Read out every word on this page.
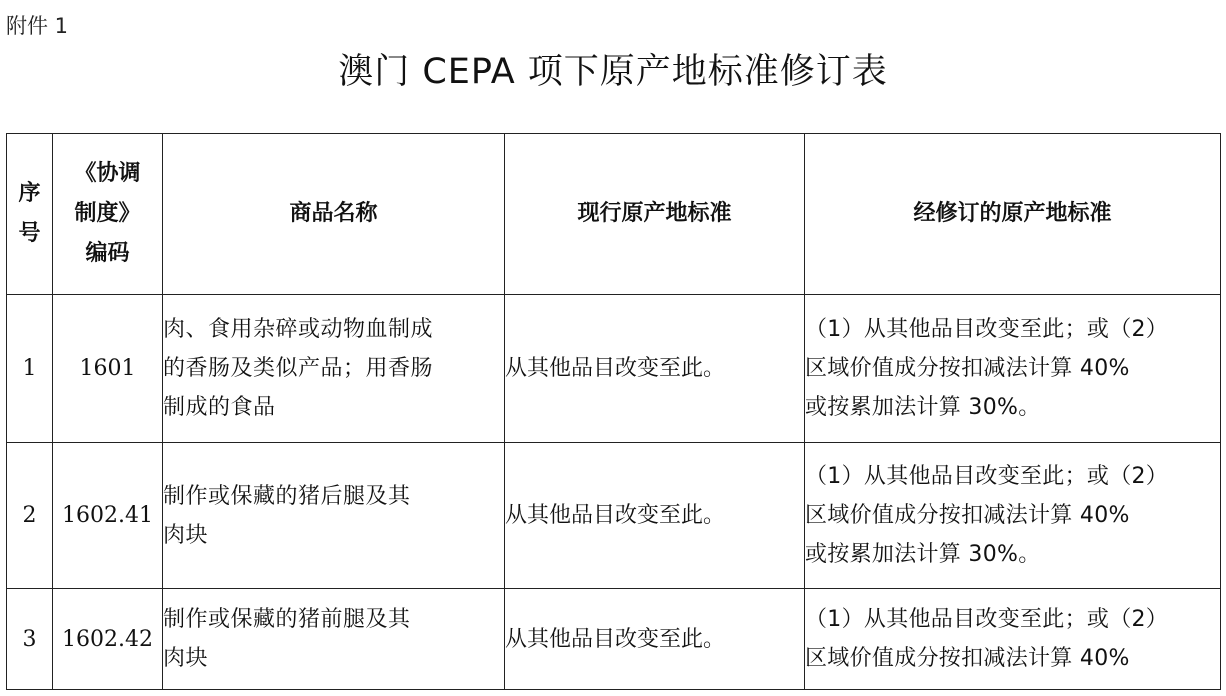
附件 1
澳门 CEPA 项下原产地标准修订表
序号	《协调制度》编码	商品名称	现行原产地标准	经修订的原产地标准
1	1601	肉、食用杂碎或动物血制成
的香肠及类似产品；用香肠
制成的食品	从其他品目改变至此。	（1）从其他品目改变至此；或（2）
区域价值成分按扣减法计算 40%
或按累加法计算 30%。

2	1602.41	制作或保藏的猪后腿及其
肉块	从其他品目改变至此。	（1）从其他品目改变至此；或（2）
区域价值成分按扣减法计算 40%
或按累加法计算 30%。

3	1602.42	制作或保藏的猪前腿及其
肉块	从其他品目改变至此。	（1）从其他品目改变至此；或（2）
区域价值成分按扣减法计算 40%
